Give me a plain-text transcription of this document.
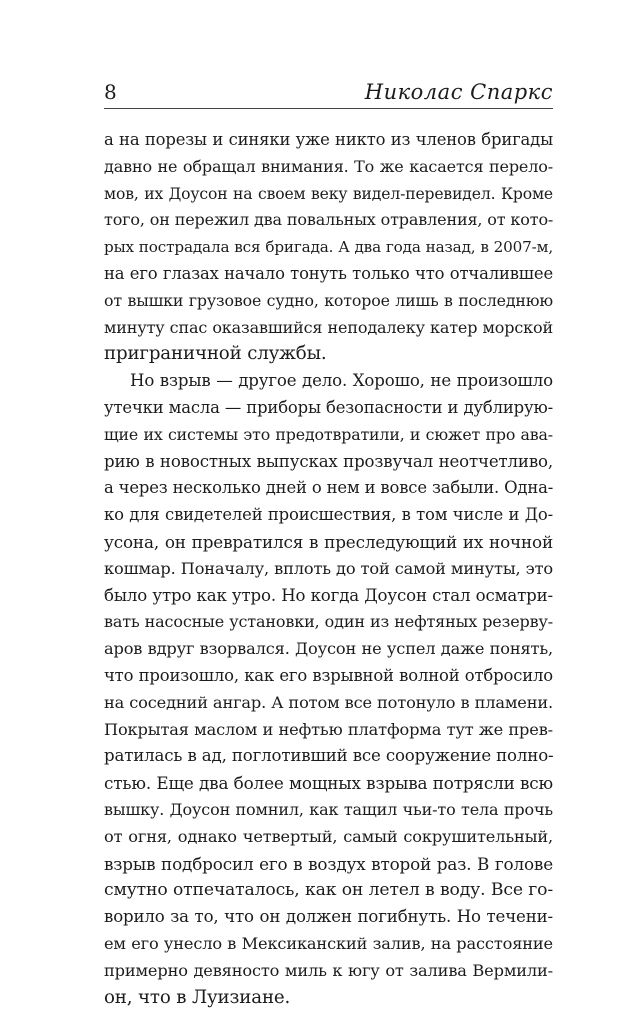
8	Николас Спаркс
а на порезы и синяки уже никто из членов бригады
давно не обращал внимания. То же касается перело-
мов, их Доусон на своем веку видел-перевидел. Кроме
того, он пережил два повальных отравления, от кото-
рых пострадала вся бригада. А два года назад, в 2007-м,
на его глазах начало тонуть только что отчалившее
от вышки грузовое судно, которое лишь в последнюю
минуту спас оказавшийся неподалеку катер морской
приграничной службы.
Но взрыв — другое дело. Хорошо, не произошло
утечки масла — приборы безопасности и дублирую-
щие их системы это предотвратили, и сюжет про ава-
рию в новостных выпусках прозвучал неотчетливо,
а через несколько дней о нем и вовсе забыли. Одна-
ко для свидетелей происшествия, в том числе и До-
усона, он превратился в преследующий их ночной
кошмар. Поначалу, вплоть до той самой минуты, это
было утро как утро. Но когда Доусон стал осматри-
вать насосные установки, один из нефтяных резерву-
аров вдруг взорвался. Доусон не успел даже понять,
что произошло, как его взрывной волной отбросило
на соседний ангар. А потом все потонуло в пламени.
Покрытая маслом и нефтью платформа тут же прев-
ратилась в ад, поглотивший все сооружение полно-
стью. Еще два более мощных взрыва потрясли всю
вышку. Доусон помнил, как тащил чьи-то тела прочь
от огня, однако четвертый, самый сокрушительный,
взрыв подбросил его в воздух второй раз. В голове
смутно отпечаталось, как он летел в воду. Все го-
ворило за то, что он должен погибнуть. Но течени-
ем его унесло в Мексиканский залив, на расстояние
примерно девяносто миль к югу от залива Вермили-
он, что в Луизиане.
